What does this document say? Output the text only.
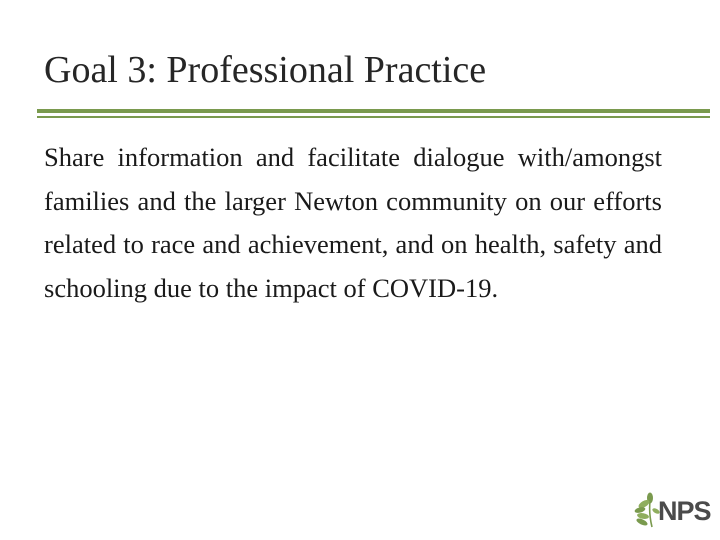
Goal 3: Professional Practice

Share information and facilitate dialogue with/amongst families and the larger Newton community on our efforts related to race and achievement, and on health, safety and schooling due to the impact of COVID-19.

NPS
